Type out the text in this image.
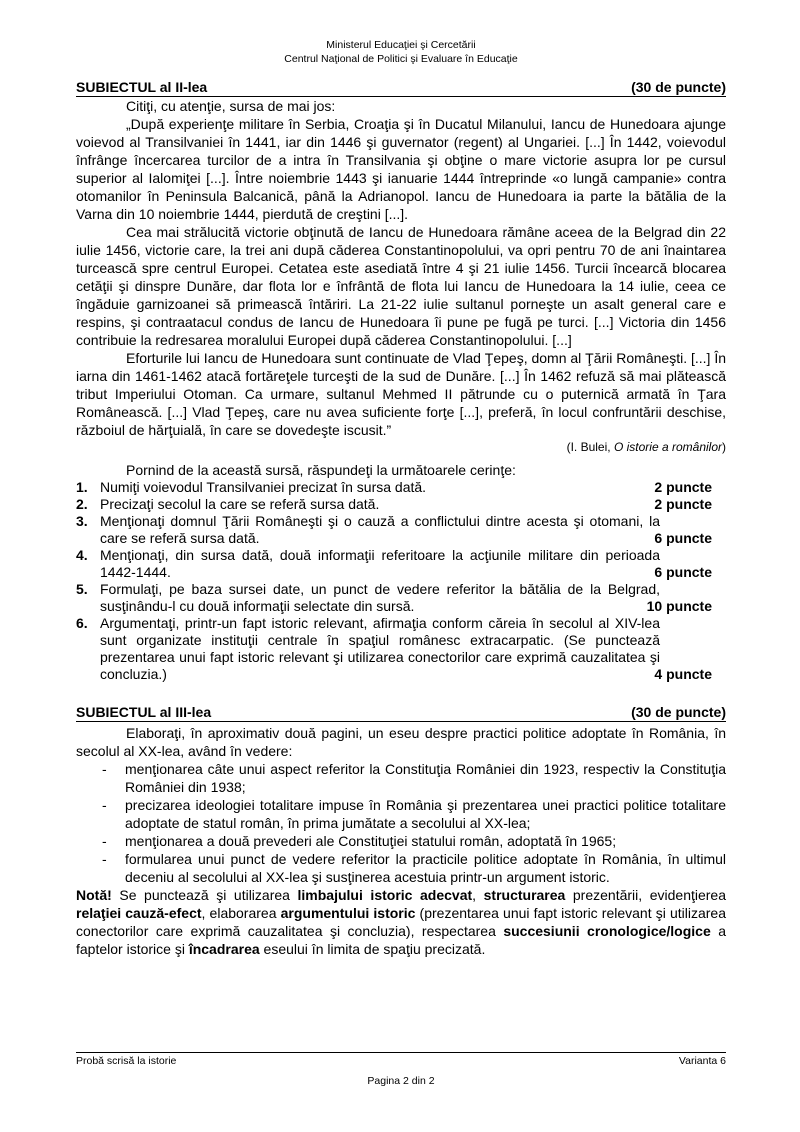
Ministerul Educaţiei şi Cercetării
Centrul Naţional de Politici şi Evaluare în Educaţie
SUBIECTUL al II-lea	(30 de puncte)

Citiţi, cu atenţie, sursa de mai jos:

„După experienţe militare în Serbia, Croaţia şi în Ducatul Milanului, Iancu de Hunedoara ajunge voievod al Transilvaniei în 1441, iar din 1446 şi guvernator (regent) al Ungariei. [...] În 1442, voievodul înfrânge încercarea turcilor de a intra în Transilvania şi obţine o mare victorie asupra lor pe cursul superior al Ialomiţei [...]. Între noiembrie 1443 şi ianuarie 1444 întreprinde «o lungă campanie» contra otomanilor în Peninsula Balcanică, până la Adrianopol. Iancu de Hunedoara ia parte la bătălia de la Varna din 10 noiembrie 1444, pierdută de creştini [...].

Cea mai strălucită victorie obţinută de Iancu de Hunedoara rămâne aceea de la Belgrad din 22 iulie 1456, victorie care, la trei ani după căderea Constantinopolului, va opri pentru 70 de ani înaintarea turcească spre centrul Europei. Cetatea este asediată între 4 şi 21 iulie 1456. Turcii încearcă blocarea cetăţii şi dinspre Dunăre, dar flota lor e înfrântă de flota lui Iancu de Hunedoara la 14 iulie, ceea ce îngăduie garnizoanei să primească întăriri. La 21-22 iulie sultanul porneşte un asalt general care e respins, şi contraatacul condus de Iancu de Hunedoara îi pune pe fugă pe turci. [...] Victoria din 1456 contribuie la redresarea moralului Europei după căderea Constantinopolului. [...]

Eforturile lui Iancu de Hunedoara sunt continuate de Vlad Ţepeş, domn al Ţării Româneşti. [...] În iarna din 1461-1462 atacă fortăreţele turceşti de la sud de Dunăre. [...] În 1462 refuză să mai plătească tribut Imperiului Otoman. Ca urmare, sultanul Mehmed II pătrunde cu o puternică armată în Ţara Românească. [...] Vlad Ţepeş, care nu avea suficiente forţe [...], preferă, în locul confruntării deschise, războiul de hărţuială, în care se dovedeşte iscusit.”

(I. Bulei, O istorie a românilor)

Pornind de la această sursă, răspundeţi la următoarele cerinţe:

1. Numiţi voievodul Transilvaniei precizat în sursa dată.	2 puncte
2. Precizaţi secolul la care se referă sursa dată.	2 puncte
3. Menţionaţi domnul Ţării Româneşti şi o cauză a conflictului dintre acesta şi otomani, la care se referă sursa dată.	6 puncte
4. Menţionaţi, din sursa dată, două informaţii referitoare la acţiunile militare din perioada 1442-1444.	6 puncte
5. Formulaţi, pe baza sursei date, un punct de vedere referitor la bătălia de la Belgrad, susţinându-l cu două informaţii selectate din sursă.	10 puncte
6. Argumentaţi, printr-un fapt istoric relevant, afirmaţia conform căreia în secolul al XIV-lea sunt organizate instituţii centrale în spaţiul românesc extracarpatic. (Se punctează prezentarea unui fapt istoric relevant şi utilizarea conectorilor care exprimă cauzalitatea şi concluzia.)	4 puncte
SUBIECTUL al III-lea	(30 de puncte)

Elaboraţi, în aproximativ două pagini, un eseu despre practici politice adoptate în România, în secolul al XX-lea, având în vedere:

- menţionarea câte unui aspect referitor la Constituţia României din 1923, respectiv la Constituţia României din 1938;
- precizarea ideologiei totalitare impuse în România şi prezentarea unei practici politice totalitare adoptate de statul român, în prima jumătate a secolului al XX-lea;
- menţionarea a două prevederi ale Constituţiei statului român, adoptată în 1965;
- formularea unui punct de vedere referitor la practicile politice adoptate în România, în ultimul deceniu al secolului al XX-lea şi susţinerea acestuia printr-un argument istoric.

Notă! Se punctează şi utilizarea limbajului istoric adecvat, structurarea prezentării, evidenţierea relaţiei cauză-efect, elaborarea argumentului istoric (prezentarea unui fapt istoric relevant şi utilizarea conectorilor care exprimă cauzalitatea şi concluzia), respectarea succesiunii cronologice/logice a faptelor istorice şi încadrarea eseului în limita de spaţiu precizată.

Probă scrisă la istorie	Varianta 6
Pagina 2 din 2
